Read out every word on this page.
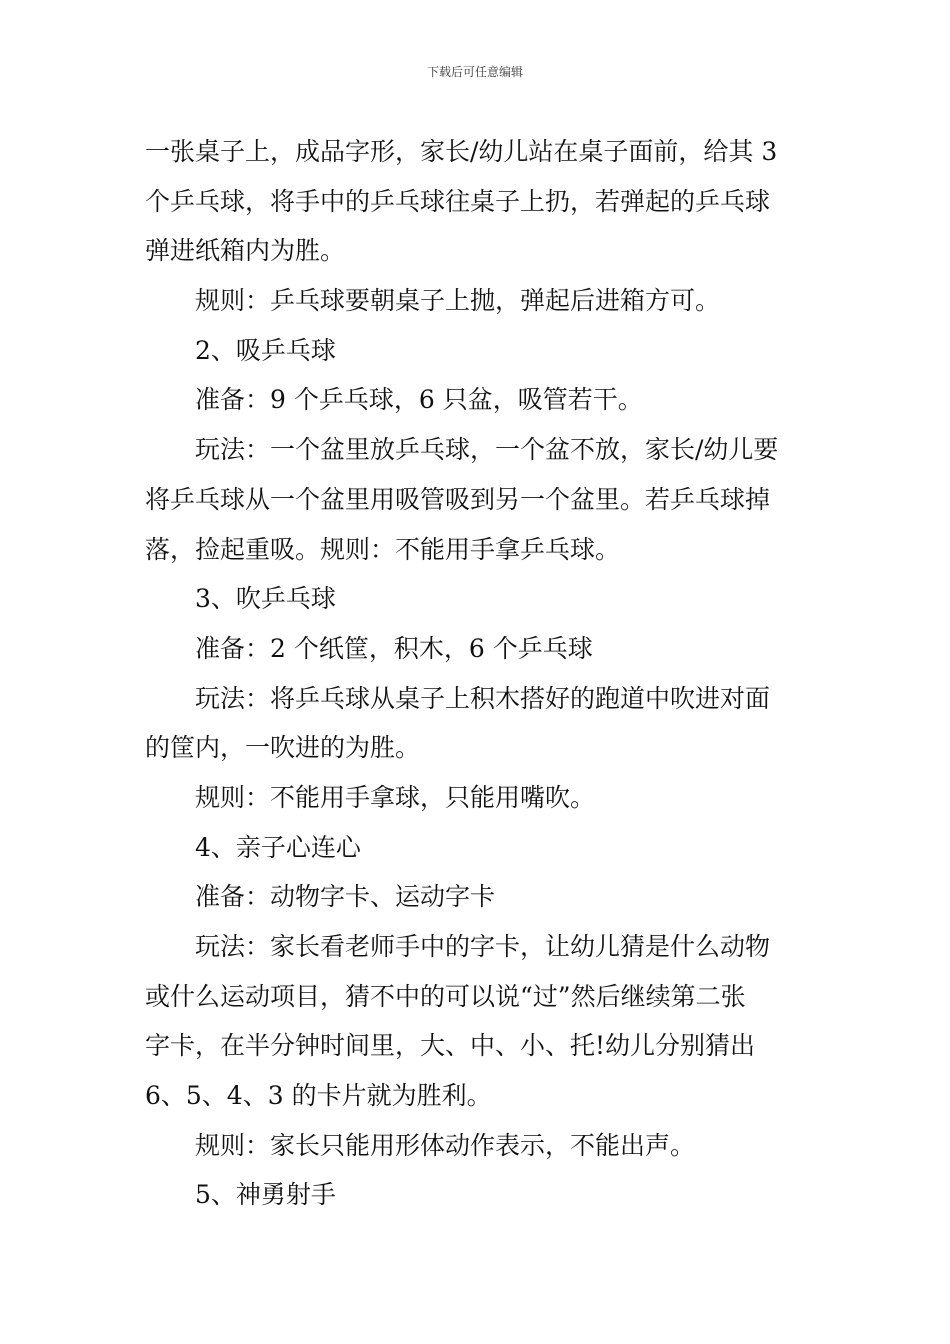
下载后可任意编辑
一张桌子上，成品字形，家长/幼儿站在桌子面前，给其 3
个乒乓球，将手中的乒乓球往桌子上扔，若弹起的乒乓球
弹进纸箱内为胜。
规则：乒乓球要朝桌子上抛，弹起后进箱方可。
2、吸乒乓球
准备：9 个乒乓球，6 只盆，吸管若干。
玩法：一个盆里放乒乓球，一个盆不放，家长/幼儿要
将乒乓球从一个盆里用吸管吸到另一个盆里。若乒乓球掉
落，捡起重吸。规则：不能用手拿乒乓球。
3、吹乒乓球
准备：2 个纸筐，积木，6 个乒乓球
玩法：将乒乓球从桌子上积木搭好的跑道中吹进对面
的筐内，一吹进的为胜。
规则：不能用手拿球，只能用嘴吹。
4、亲子心连心
准备：动物字卡、运动字卡
玩法：家长看老师手中的字卡，让幼儿猜是什么动物
或什么运动项目，猜不中的可以说“过”然后继续第二张
字卡，在半分钟时间里，大、中、小、托!幼儿分别猜出
6、5、4、3 的卡片就为胜利。
规则：家长只能用形体动作表示，不能出声。
5、神勇射手
